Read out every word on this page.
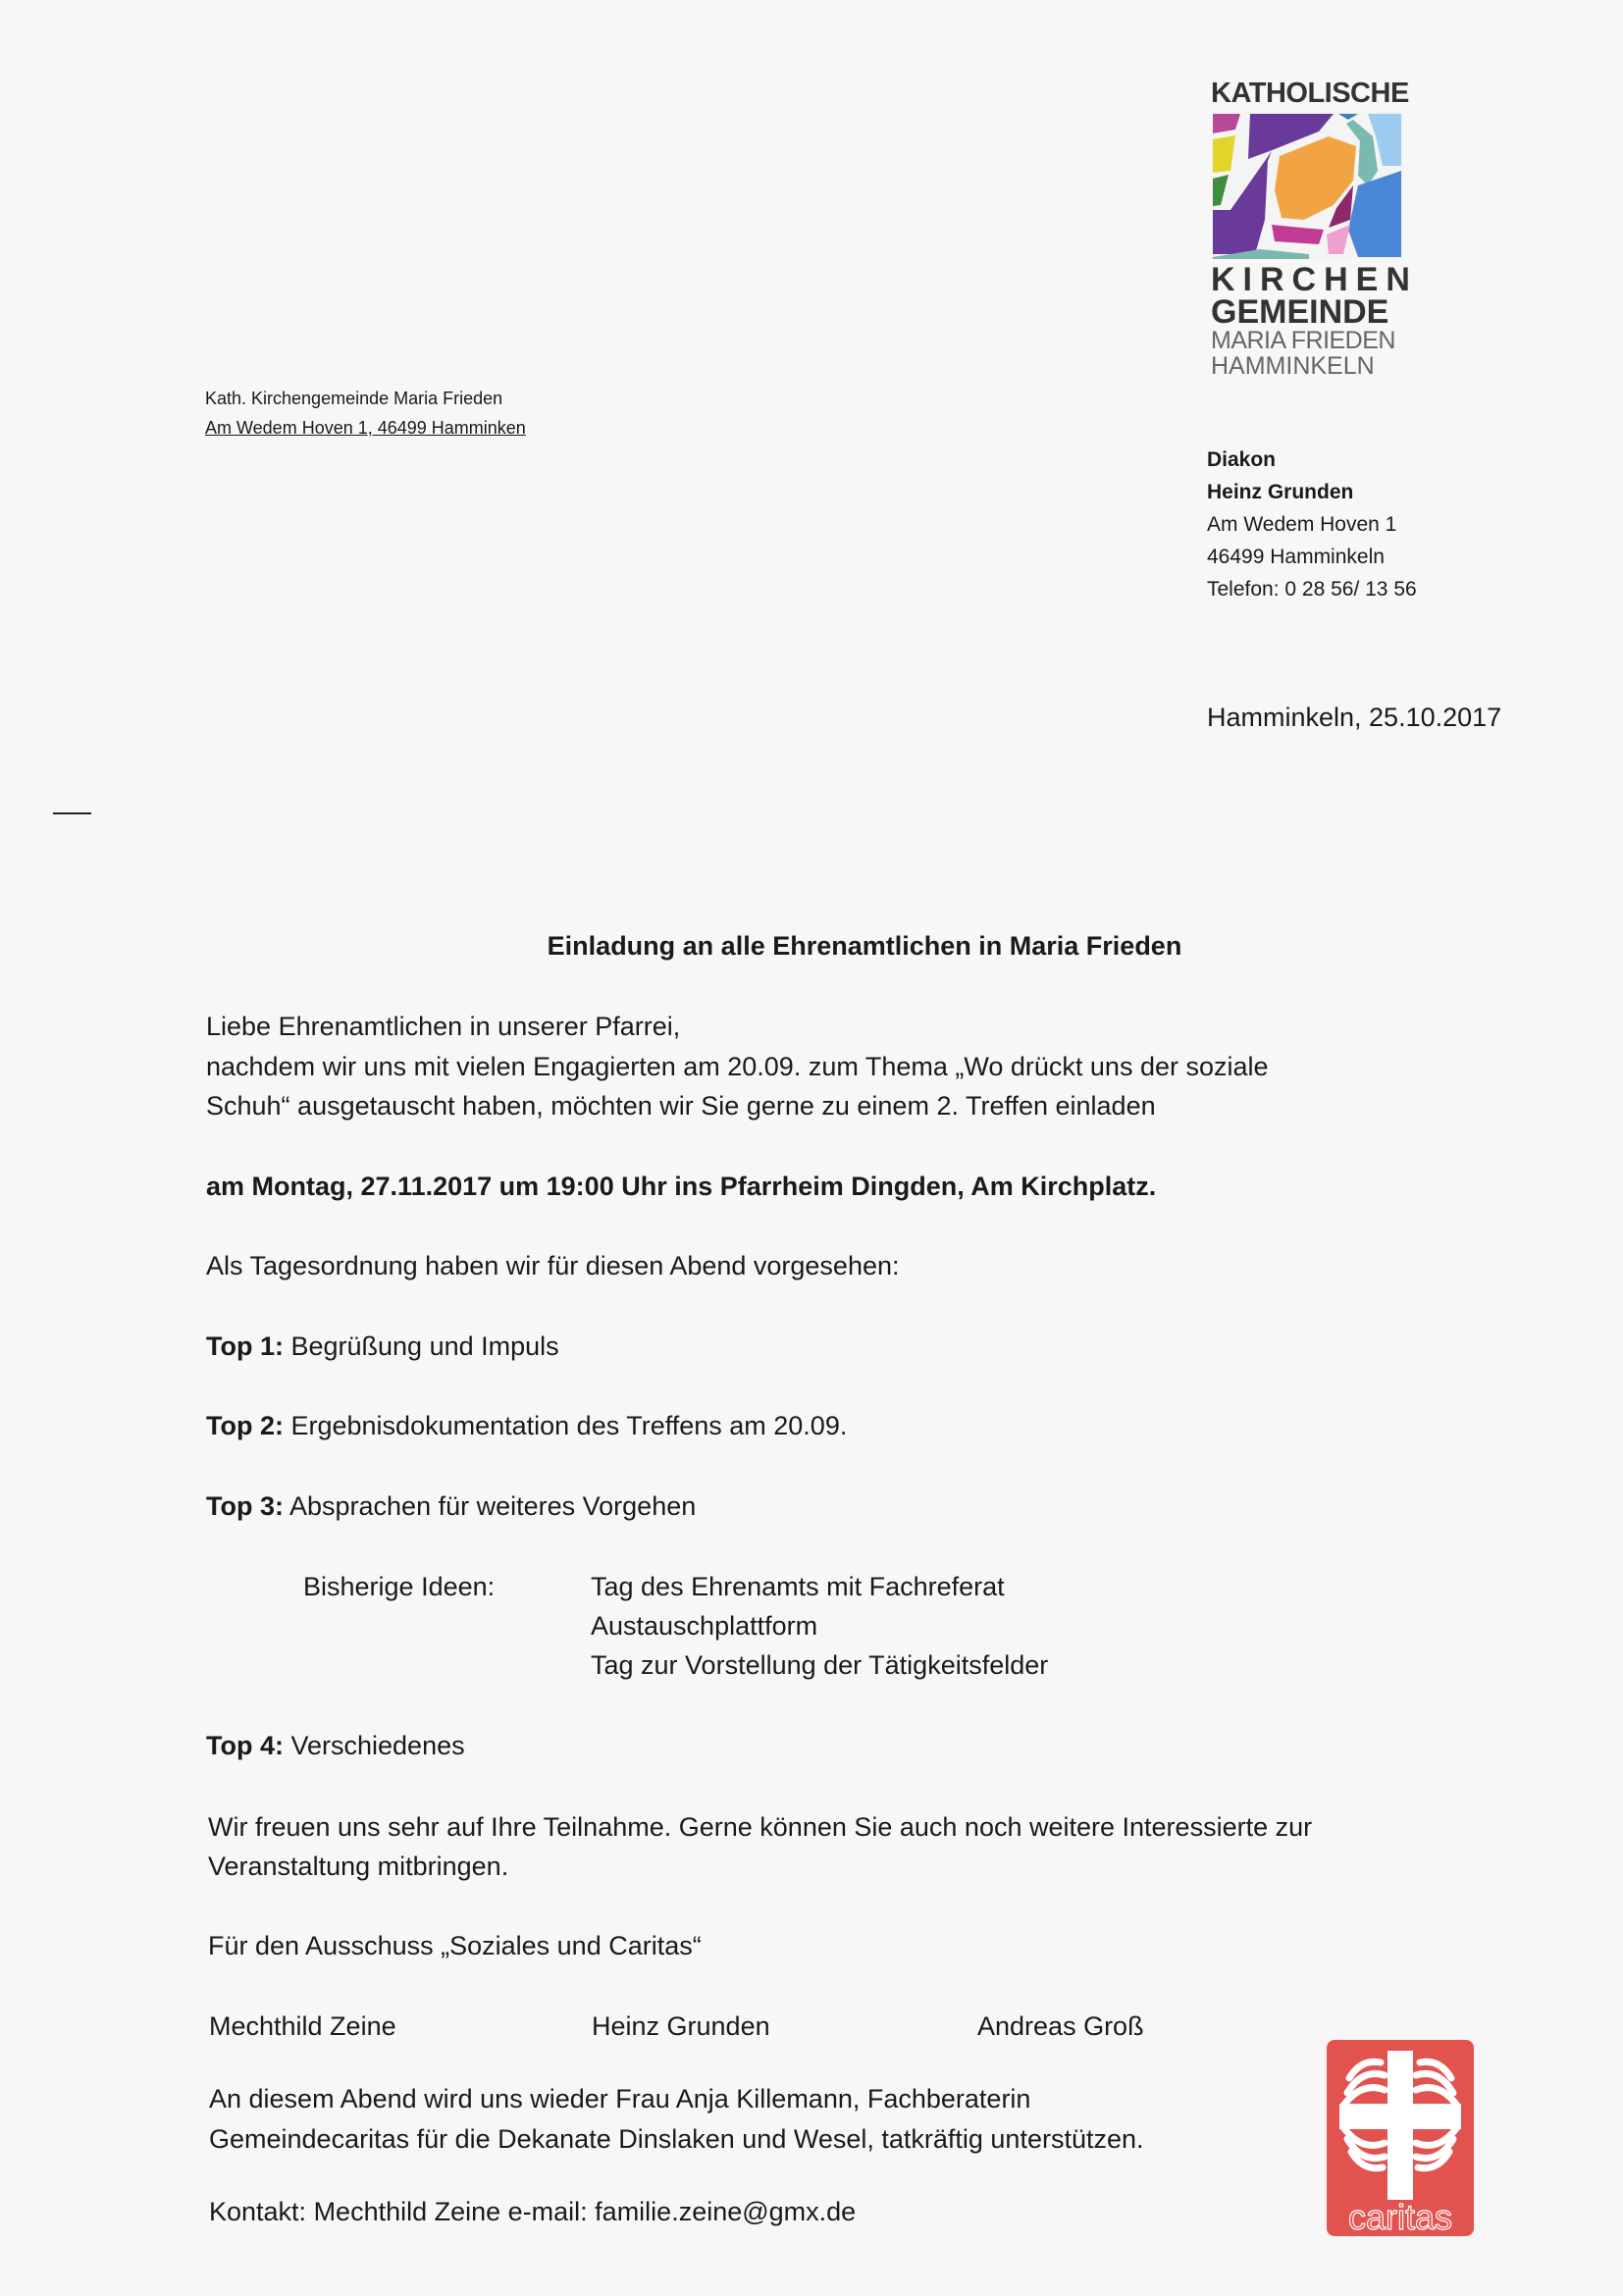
KATHOLISCHE
KIRCHEN
GEMEINDE
MARIA FRIEDEN
HAMMINKELN
Kath. Kirchengemeinde Maria Frieden
Am Wedem Hoven 1, 46499 Hamminken
Diakon
Heinz Grunden
Am Wedem Hoven 1
46499 Hamminkeln
Telefon: 0 28 56/ 13 56
Hamminkeln, 25.10.2017
Einladung an alle Ehrenamtlichen in Maria Frieden
Liebe Ehrenamtlichen in unserer Pfarrei,
nachdem wir uns mit vielen Engagierten am 20.09. zum Thema „Wo drückt uns der soziale
Schuh“ ausgetauscht haben, möchten wir Sie gerne zu einem 2. Treffen einladen
am Montag, 27.11.2017 um 19:00 Uhr ins Pfarrheim Dingden, Am Kirchplatz.
Als Tagesordnung haben wir für diesen Abend vorgesehen:
Top 1: Begrüßung und Impuls
Top 2: Ergebnisdokumentation des Treffens am 20.09.
Top 3: Absprachen für weiteres Vorgehen
Bisherige Ideen:	Tag des Ehrenamts mit Fachreferat
Austauschplattform
Tag zur Vorstellung der Tätigkeitsfelder
Top 4: Verschiedenes
Wir freuen uns sehr auf Ihre Teilnahme. Gerne können Sie auch noch weitere Interessierte zur
Veranstaltung mitbringen.
Für den Ausschuss „Soziales und Caritas“
Mechthild Zeine	Heinz Grunden	Andreas Groß
An diesem Abend wird uns wieder Frau Anja Killemann, Fachberaterin
Gemeindecaritas für die Dekanate Dinslaken und Wesel, tatkräftig unterstützen.
Kontakt: Mechthild Zeine e-mail: familie.zeine@gmx.de	caritas
